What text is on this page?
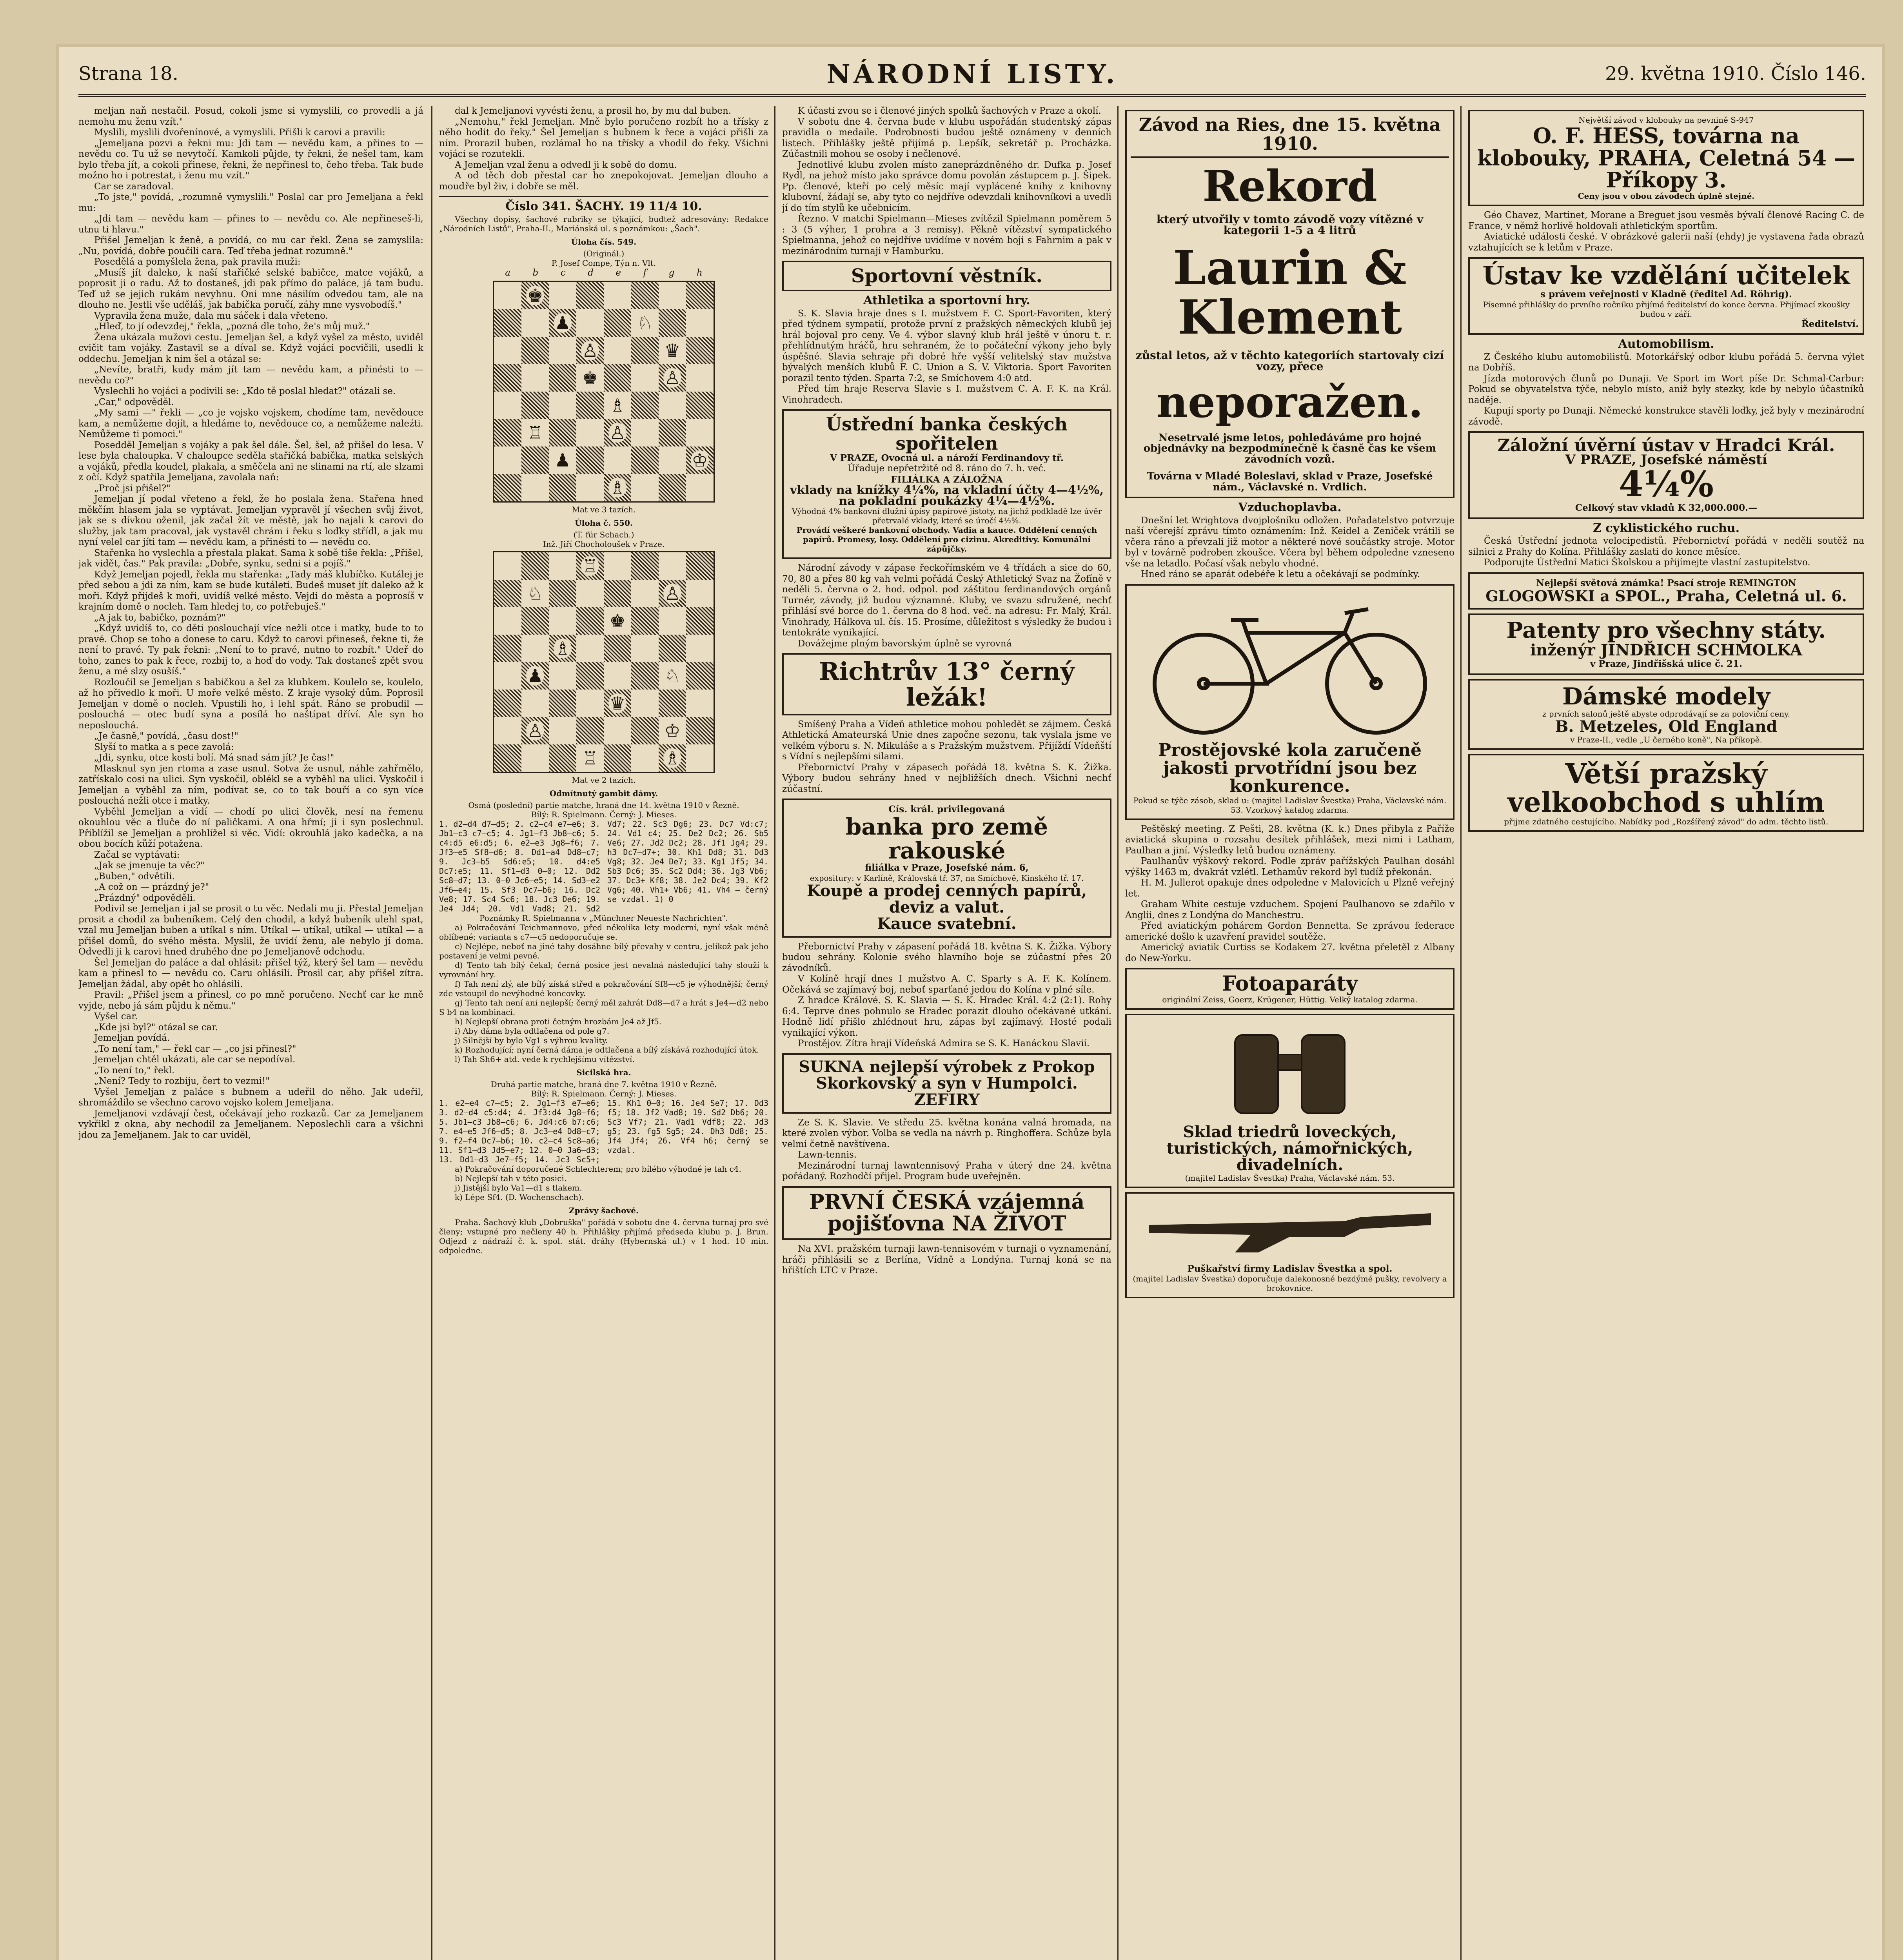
Strana 18.	NÁRODNÍ LISTY.	29. května 1910. Číslo 146.

meljan naň nestačil. Posud, cokoli jsme si vymyslili, co provedli a já nemohu mu ženu vzít."

Myslili, myslili dvořenínové, a vymyslili. Přišli k carovi a pravili:

„Jemeljana pozvi a řekni mu: Jdi tam — nevědu kam, a přines to — nevědu co. Tu už se nevytočí. Kamkoli půjde, ty řekni, že nešel tam, kam bylo třeba jít, a cokoli přinese, řekni, že nepřinesl to, čeho třeba. Tak bude možno ho i potrestat, i ženu mu vzít."

Car se zaradoval.

„To jste," povídá, „rozumně vymyslili." Poslal car pro Jemeljana a řekl mu:

„Jdi tam — nevědu kam — přines to — nevědu co. Ale nepřineseš-li, utnu ti hlavu."

Přišel Jemeljan k ženě, a povídá, co mu car řekl. Žena se zamyslila: „Nu, povídá, dobře poučili cara. Teď třeba jednat rozumně."

Posedělá a pomyšlela žena, pak pravila muži:

„Musíš jít daleko, k naší stařičké selské babičce, matce vojáků, a poprosit ji o radu. Až to dostaneš, jdi pak přímo do paláce, já tam budu. Teď už se jejich rukám nevyhnu. Oni mne násilím odvedou tam, ale na dlouho ne. Jestli vše uděláš, jak babička poručí, záhy mne vysvobodíš."

Vypravila žena muže, dala mu sáček i dala vřeteno.

„Hleď, to jí odevzdej," řekla, „pozná dle toho, že's můj muž."

Žena ukázala mužovi cestu. Jemeljan šel, a když vyšel za město, uviděl cvičit tam vojáky. Zastavil se a díval se. Když vojáci pocvičili, usedli k oddechu. Jemeljan k nim šel a otázal se:

„Nevíte, bratři, kudy mám jít tam — nevědu kam, a přinésti to — nevědu co?"

Vyslechli ho vojáci a podivili se: „Kdo tě poslal hledat?" otázali se.

„Car," odpověděl.

„My sami —" řekli — „co je vojsko vojskem, chodíme tam, nevědouce kam, a nemůžeme dojít, a hledáme to, nevědouce co, a nemůžeme naleźti. Nemůžeme ti pomoci."

Posedděl Jemeljan s vojáky a pak šel dále. Šel, šel, až přišel do lesa. V lese byla chaloupka. V chaloupce seděla stařičká babička, matka selských a vojáků, předla koudel, plakala, a směčela ani ne slinami na rtí, ale slzami z očí. Když spatřila Jemeljana, zavolala naň:

„Proč jsi přišel?"

Jemeljan jí podal vřeteno a řekl, že ho poslala žena. Stařena hned měkčím hlasem jala se vyptávat. Jemeljan vypravěl jí všechen svůj život, jak se s dívkou oženil, jak začal žít ve městě, jak ho najali k carovi do služby, jak tam pracoval, jak vystavěl chrám i řeku s loďky střídl, a jak mu nyní velel car jíti tam — nevědu kam, a přinésti to — nevědu co.

Stařenka ho vyslechla a přestala plakat. Sama k sobě tiše řekla: „Přišel, jak vidět, čas." Pak pravila: „Dobře, synku, sedni si a pojíš."

Když Jemeljan pojedl, řekla mu stařenka: „Tady máš klubíčko. Kutálej je před sebou a jdi za ním, kam se bude kutáleti. Budeš muset jít daleko až k moři. Když přijdeš k moři, uvidíš velké město. Vejdi do města a poprosíš v krajním domě o nocleh. Tam hledej to, co potřebuješ."

„A jak to, babičko, poznám?"

„Když uvidíš to, co děti poslouchají více nežli otce i matky, bude to to pravé. Chop se toho a donese to caru. Když to carovi přineseš, řekne ti, že není to pravé. Ty pak řekni: „Není to to pravé, nutno to rozbít." Udeř do toho, zanes to pak k řece, rozbij to, a hoď do vody. Tak dostaneš zpět svou ženu, a mé slzy osušíš."

Rozloučil se Jemeljan s babičkou a šel za klubkem. Koulelo se, koulelo, až ho přivedlo k moři. U moře velké město. Z kraje vysoký dům. Poprosil Jemeljan v domě o nocleh. Vpustili ho, i lehl spát. Ráno se probudil — poslouchá — otec budí syna a posílá ho naštípat dříví. Ale syn ho neposlouchá.

„Je časně," povídá, „času dost!"

Slyší to matka a s pece zavolá:

„Jdi, synku, otce kosti bolí. Má snad sám jít? Je čas!"

Mlasknul syn jen rtoma a zase usnul. Sotva že usnul, náhle zahřmělo, zatřískalo cosi na ulici. Syn vyskočil, oblékl se a vyběhl na ulici. Vyskočil i Jemeljan a vyběhl za ním, podívat se, co to tak bouří a co syn více poslouchá nežli otce i matky.

Vyběhl Jemeljan a vidí — chodí po ulici člověk, nesí na řemenu okouhlou věc a tluče do ní paličkami. A ona hřmí; ji i syn poslechnul. Přiblížil se Jemeljan a prohlížel si věc. Vidí: okrouhlá jako kadečka, a na obou bocích kůží potažena.

Začal se vyptávati:

„Jak se jmenuje ta věc?"

„Buben," odvětili.

„A což on — prázdný je?"

„Prázdný" odpověděli.

Podivil se Jemeljan i jal se prosit o tu věc. Nedali mu ji. Přestal Jemeljan prosit a chodil za bubeníkem. Celý den chodil, a když bubeník ulehl spat, vzal mu Jemeljan buben a utíkal s ním. Utíkal — utíkal, utíkal — utíkal — a přišel domů, do svého města. Myslil, že uvidí ženu, ale nebylo jí doma. Odvedli ji k carovi hned druhého dne po Jemeljanově odchodu.

Šel Jemeljan do paláce a dal ohlásit: přišel týž, který šel tam — nevědu kam a přinesl to — nevědu co. Caru ohlásili. Prosil car, aby přišel zítra. Jemeljan žádal, aby opět ho ohlásili.

Pravil: „Přišel jsem a přinesl, co po mně poručeno. Nechť car ke mně vyjde, nebo já sám půjdu k němu."

Vyšel car.

„Kde jsi byl?" otázal se car.

Jemeljan povídá.

„To není tam," — řekl car — „co jsi přinesl?"

Jemeljan chtěl ukázati, ale car se nepodíval.

„To není to," řekl.

„Není? Tedy to rozbiju, čert to vezmi!"

Vyšel Jemeljan z paláce s bubnem a udeřil do něho. Jak udeřil, shromáždilo se všechno carovo vojsko kolem Jemeljana.

Jemeljanovi vzdávají čest, očekávají jeho rozkazů. Car za Jemeljanem vykřikl z okna, aby nechodil za Jemeljanem. Neposlechli cara a všichni jdou za Jemeljanem. Jak to car uviděl,

dal k Jemeljanovi vyvésti ženu, a prosil ho, by mu dal buben.

„Nemohu," řekl Jemeljan. Mně bylo poručeno rozbít ho a třísky z něho hodit do řeky." Šel Jemeljan s bubnem k řece a vojáci přišli za ním. Prorazil buben, rozlámal ho na třísky a vhodil do řeky. Všichni vojáci se rozutekli.

A Jemeljan vzal ženu a odvedl ji k sobě do domu.

A od těch dob přestal car ho znepokojovat. Jemeljan dlouho a moudře byl živ, i dobře se měl.

Číslo 341. ŠACHY. 19 11/4 10.

Všechny dopisy, šachové rubriky se týkající, budtež adresovány: Redakce „Národních Listů", Praha-II., Mariánská ul. s poznámkou: „Šach".

Úloha čís. 549.
(Originál.)
P. Josef Compe, Týn n. Vlt.
a b c d e f g h
♚
♟	♘
♙	♛
♚	♙
♗
♖	♙
♟	♔
♗
Mat ve 3 tazích.
Úloha č. 550.
(T. für Schach.)
Inž. Jiří Chocholoušek v Praze.
♖
♘	♙
♚
♗
♟	♘
♛
♙	♔
♖	♗
Mat ve 2 tazích.
Odmítnutý gambit dámy.
Osmá (poslední) partie matche, hraná dne 14. května 1910 v Řezně.
Bílý: R. Spielmann. Černý: J. Mieses.
1. d2—d4 d7—d5; 2. c2—c4 e7—e6; 3. Jb1—c3 c7—c5; 4. Jg1—f3 Jb8—c6; 5. c4:d5 e6:d5; 6. e2—e3 Jg8—f6; 7. Jf3—e5 Sf8—d6; 8. Dd1—a4 Dd8—c7; 9. Jc3—b5 Sd6:e5; 10. d4:e5 Dc7:e5; 11. Sf1—d3 0—0; 12. Dd2 Sc8—d7; 13. 0—0 Jc6—e5; 14. Sd3—e2 Jf6—e4; 15. Sf3 Dc7—b6; 16. Dc2 Ve8; 17. Sc4 Sc6; 18. Jc3 De6; 19. Je4 Jd4; 20. Vd1 Vad8; 21. Sd2 Vd7; 22. Sc3 Dg6; 23. Dc7 Vd:c7; 24. Vd1 c4; 25. De2 Dc2; 26. Sb5 Ve6; 27. Jd2 Dc2; 28. Jf1 Jg4; 29. h3 Dc7—d7+; 30. Kh1 Dd8; 31. Dd3 Vg8; 32. Je4 De7; 33. Kg1 Jf5; 34. Sb3 Dc6; 35. Sc2 Dd4; 36. Jg3 Vb6; 37. Dc3+ Kf8; 38. Je2 Dc4; 39. Kf2 Vg6; 40. Vh1+ Vb6; 41. Vh4 — černý se vzdal. 1) 0
Poznámky R. Spielmanna v „Münchner Neueste Nachrichten".

a) Pokračování Teichmannovo, před několika lety moderní, nyní však méně oblíbené; varianta s c7—c5 nedoporučuje se.

c) Nejlépe, neboť na jiné tahy dosáhne bílý převahy v centru, jelikož pak jeho postavení je velmi pevné.

d) Tento tah bílý čekal; černá posice jest nevalná následující tahy slouží k vyrovnání hry.

f) Tah není zlý, ale bílý získá střed a pokračování Sf8—c5 je výhodnější; černý zde vstoupil do nevýhodné koncovky.

g) Tento tah není ani nejlepší; černý měl zahrát Dd8—d7 a hrát s Je4—d2 nebo S b4 na kombinaci.

h) Nejlepší obrana proti četným hrozbám Je4 až Jf5.

i) Aby dáma byla odtlačena od pole g7.

j) Silnější by bylo Vg1 s výhrou kvality.

k) Rozhodující; nyní černá dáma je odtlačena a bílý získává rozhodující útok.

l) Tah Sh6+ atd. vede k rychlejšímu vítězství.

Sicilská hra.
Druhá partie matche, hraná dne 7. května 1910 v Řezně.
Bílý: R. Spielmann. Černý: J. Mieses.
1. e2—e4 c7—c5; 2. Jg1—f3 e7—e6; 3. d2—d4 c5:d4; 4. Jf3:d4 Jg8—f6; 5. Jb1—c3 Jb8—c6; 6. Jd4:c6 b7:c6; 7. e4—e5 Jf6—d5; 8. Jc3—e4 Dd8—c7; 9. f2—f4 Dc7—b6; 10. c2—c4 Sc8—a6; 11. Sf1—d3 Jd5—e7; 12. 0—0 Ja6—d3; 13. Dd1—d3 Je7—f5; 14. Jc3 Sc5+; 15. Kh1 0—0; 16. Je4 Se7; 17. Dd3 f5; 18. Jf2 Vad8; 19. Sd2 Db6; 20. Sc3 Vf7; 21. Vad1 Vdf8; 22. Jd3 g5; 23. fg5 Sg5; 24. Dh3 Dd8; 25. Jf4 Jf4; 26. Vf4 h6; černý se vzdal.

a) Pokračování doporučené Schlechterem; pro bílého výhodné je tah c4.

b) Nejlepší tah v této posici.

j) Jistější bylo Va1—d1 s tlakem.

k) Lépe Sf4. (D. Wochenschach).

Zprávy šachové.

Praha. Šachový klub „Dobruška" pořádá v sobotu dne 4. června turnaj pro své členy; vstupné pro nečleny 40 h. Přihlášky přijímá předseda klubu p. J. Brun. Odjezd z nádraží č. k. spol. stát. dráhy (Hybernská ul.) v 1 hod. 10 min. odpoledne.

K účasti zvou se i členové jiných spolků šachových v Praze a okolí.

V sobotu dne 4. června bude v klubu uspořádán studentský zápas pravidla o medaile. Podrobnosti budou ještě oznámeny v denních listech. Přihlášky ještě přijímá p. Lepšík, sekretář p. Procházka. Zúčastnili mohou se osoby i nečlenové.

Jednotlivé klubu zvolen místo zaneprázdněného dr. Dufka p. Josef Rydl, na jehož místo jako správce domu povolán zástupcem p. J. Šipek. Pp. členové, kteří po celý měsíc mají vyplácené knihy z knihovny klubovní, žádají se, aby tyto co nejdříve odevzdali knihovníkovi a uvedli jí do tím stylů ke učebnicím.

Řezno. V matchi Spielmann—Mieses zvítězil Spielmann poměrem 5 : 3 (5 výher, 1 prohra a 3 remisy). Pěkně vítězství sympatického Spielmanna, jehož co nejdříve uvidíme v novém boji s Fahrnim a pak v mezinárodním turnaji v Hamburku.

Sportovní věstník.
Athletika a sportovní hry.

S. K. Slavia hraje dnes s I. mužstvem F. C. Sport-Favoriten, který před týdnem sympatií, protože první z pražských německých klubů jej hrál bojoval pro ceny. Ve 4. výbor slavný klub hrál ještě v únoru t. r. přehlídnutým hráčů, hru sehraném, že to počáteční výkony jeho byly úspěšné. Slavia sehraje při dobré hře vyšší velitelský stav mužstva bývalých menších klubů F. C. Union a S. V. Viktoria. Sport Favoriten porazil tento týden. Sparta 7:2, se Smíchovem 4:0 atd.

Před tím hraje Reserva Slavie s I. mužstvem C. A. F. K. na Král. Vinohradech.

Ústřední banka českých spořitelen
V PRAZE, Ovocná ul. a nároží Ferdinandovy tř.
Úřaduje nepřetržitě od 8. ráno do 7. h. več.
FILIÁLKA A ZÁLOŽNA
vklady na knížky 4¼%, na vkladní účty 4—4½%, na pokladní poukázky 4¼—4½%.
Výhodná 4% bankovní dlužní úpisy papírové jistoty, na jichž podkladě lze úvěr přetrvalé vklady, které se úročí 4½%.
Provádí veškeré bankovní obchody. Vadia a kauce. Oddělení cenných papírů. Promesy, losy. Oddělení pro cizinu. Akreditivy. Komunální zápůjčky.

Národní závody v zápase řeckořímském ve 4 třídách a sice do 60, 70, 80 a přes 80 kg vah velmi pořádá Český Athletický Svaz na Žofíně v neděli 5. června o 2. hod. odpol. pod záštitou ferdinandových orgánů Turnér, závody, již budou významné. Kluby, ve svazu sdružené, nechť přihlásí své borce do 1. června do 8 hod. več. na adresu: Fr. Malý, Král. Vinohrady, Hálkova ul. čís. 15. Prosíme, důležitost s výsledky že budou i tentokráte vynikající.

Dovážejme plným bavorským úplně se vyrovná

Richtrův 13° černý ležák!

Smíšený Praha a Vídeň athletice mohou pohledět se zájmem. Česká Athletická Amateurská Unie dnes započne sezonu, tak vyslala jsme ve velkém výboru s. N. Mikuláše a s Pražským mužstvem. Přijíždí Vídeňští s Vídní s nejlepšími silami.

Přebornictví Prahy v zápasech pořádá 18. května S. K. Žižka. Výbory budou sehrány hned v nejbližších dnech. Všichni nechť zúčastní.

Cís. král. privilegovaná
banka pro země rakouské
filiálka v Praze, Josefské nám. 6,
expositury: v Karlíně, Královská tř. 37, na Smíchově, Kinského tř. 17.
Koupě a prodej cenných papírů, deviz a valut.
Kauce svatební.

Přebornictví Prahy v zápasení pořádá 18. května S. K. Žižka. Výbory budou sehrány. Kolonie svého hlavního boje se zúčastní přes 20 závodníků.

V Kolíně hrají dnes I mužstvo A. C. Sparty s A. F. K. Kolínem. Očekává se zajímavý boj, neboť sparťané jedou do Kolína v plné síle.

Z hradce Králové. S. K. Slavia — S. K. Hradec Král. 4:2 (2:1). Rohy 6:4. Teprve dnes pohnulo se Hradec porazit dlouho očekávané utkání. Hodně lidí přišlo zhlédnout hru, zápas byl zajímavý. Hosté podali vynikající výkon.

Prostějov. Zítra hrají Vídeňská Admira se S. K. Hanáckou Slavií.

SUKNA nejlepší výrobek z Prokop Skorkovský a syn v Humpolci. ZEFIRY

Ze S. K. Slavie. Ve středu 25. května konána valná hromada, na které zvolen výbor. Volba se vedla na návrh p. Ringhoffera. Schůze byla velmi četně navštívena.

Lawn-tennis.

Mezinárodní turnaj lawntennisový Praha v úterý dne 24. května pořádaný. Rozhodčí přijel. Program bude uveřejněn.

PRVNÍ ČESKÁ vzájemná pojišťovna NA ŽIVOT

Na XVI. pražském turnaji lawn-tennisovém v turnaji o vyznamenání, hráči přihlásili se z Berlína, Vídně a Londýna. Turnaj koná se na hřištích LTC v Praze.

Závod na Ries, dne 15. května 1910.
Rekord
který utvořily v tomto závodě vozy vítězné v kategorii 1-5 a 4 litrů
Laurin & Klement
zůstal letos, až v těchto kategoriích startovaly cizí vozy, přece
neporažen.
Nesetrvalé jsme letos, pohledáváme pro hojné objednávky na bezpodmínečně k časně čas ke všem závodních vozů.
Továrna v Mladé Boleslavi, sklad v Praze, Josefské nám., Václavské n. Vrdlich.
Vzduchoplavba.

Dnešní let Wrightova dvojplošníku odložen. Pořadatelstvo potvrzuje naší včerejší zprávu tímto oznámením: Inž. Keidel a Zeniček vrátili se včera ráno a převzali již motor a některé nové součástky stroje. Motor byl v továrně podroben zkoušce. Včera byl během odpoledne vzneseno vše na letadlo. Počasí však nebylo vhodné.

Hned ráno se aparát odebéře k letu a očekávají se podmínky.

Prostějovské kola zaručeně jakosti prvotřídní jsou bez konkurence.
Pokud se týče zásob, sklad u: (majitel Ladislav Švestka) Praha, Václavské nám. 53. Vzorkový katalog zdarma.

Peštěský meeting. Z Pešti, 28. května (K. k.) Dnes přibyla z Paříže aviatická skupina o rozsahu desítek přihlášek, mezi nimi i Latham, Paulhan a jiní. Výsledky letů budou oznámeny.

Paulhanův výškový rekord. Podle zpráv pařížských Paulhan dosáhl výšky 1463 m, dvakrát vzlétl. Lethamův rekord byl tudíž překonán.

H. M. Jullerot opakuje dnes odpoledne v Malovicích u Plzně veřejný let.

Graham White cestuje vzduchem. Spojení Paulhanovo se zdařilo v Anglii, dnes z Londýna do Manchestru.

Před aviatickým pohárem Gordon Bennetta. Se zprávou federace americké došlo k uzavření pravidel soutěže.

Americký aviatik Curtiss se Kodakem 27. května přeletěl z Albany do New-Yorku.

Fotoaparáty
originální Zeiss, Goerz, Krügener, Hüttig. Velký katalog zdarma.
Sklad triedrů loveckých, turistických, námořnických, divadelních.
(majitel Ladislav Švestka) Praha, Václavské nám. 53.
Puškařství firmy Ladislav Švestka a spol.
(majitel Ladislav Švestka) doporučuje dalekonosné bezdýmé pušky, revolvery a brokovnice.
Největší závod v klobouky na pevnině S-947
O. F. HESS, továrna na klobouky, PRAHA, Celetná 54 — Příkopy 3.
Ceny jsou v obou závodech úplně stejné.

Géo Chavez, Martinet, Morane a Breguet jsou vesměs bývalí členové Racing C. de France, v němž horlivě holdovali athletickým sportům.

Aviatické události české. V obrázkové galerii naší (ehdy) je vystavena řada obrazů vztahujících se k letům v Praze.

Ústav ke vzdělání učitelek
s právem veřejnosti v Kladně (ředitel Ad. Röhrig).
Písemné přihlášky do prvního ročníku přijímá ředitelství do konce června. Přijímací zkoušky budou v září.
Ředitelství.
Automobilism.

Z Českého klubu automobilistů. Motorkářský odbor klubu pořádá 5. června výlet na Dobříš.

Jízda motorových člunů po Dunaji. Ve Sport im Wort píše Dr. Schmal-Carbur: Pokud se obyvatelstva týče, nebylo místo, aniž byly stezky, kde by nebylo účastníků naděje.

Kupují sporty po Dunaji. Německé konstrukce stavěli loďky, jež byly v mezinárodní závodě.

Záložní úvěrní ústav v Hradci Král.
V PRAZE, Josefské náměstí
4¼%
Celkový stav vkladů K 32,000.000.—
Z cyklistického ruchu.

Česká Ústřední jednota velocipedistů. Přebornictví pořádá v neděli soutěž na silnici z Prahy do Kolína. Přihlášky zaslati do konce měsíce.

Podporujte Ústřední Matici Školskou a přijímejte vlastní zastupitelstvo.

Nejlepší světová známka! Psací stroje REMINGTON
GLOGOWSKI a SPOL., Praha, Celetná ul. 6.
Patenty pro všechny státy.
inženýr JINDŘICH SCHMOLKA
v Praze, Jindřišská ulice č. 21.
Dámské modely
z prvních salonů ještě abyste odprodávají se za poloviční ceny.
B. Metzeles, Old England
v Praze-II., vedle „U černého koně", Na příkopě.
Větší pražský velkoobchod s uhlím
přijme zdatného cestujícího. Nabídky pod „Rozšířený závod" do adm. těchto listů.
